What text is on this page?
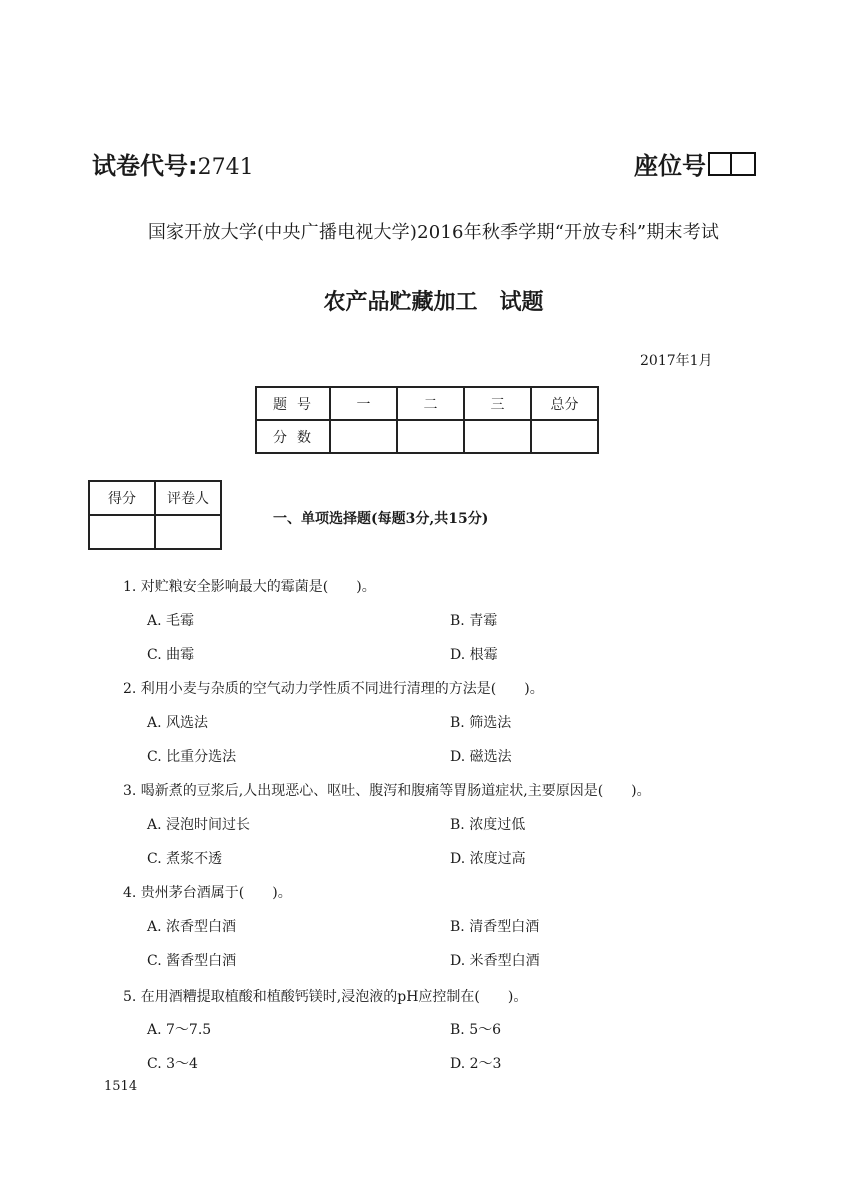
试卷代号:2741	座位号
国家开放大学(中央广播电视大学)2016年秋季学期“开放专科”期末考试
农产品贮藏加工　试题
2017年1月
题号	一	二	三	总分
分数				
得分	评卷人

一、单项选择题(每题3分,共15分)
1. 对贮粮安全影响最大的霉菌是(　　)。
A. 毛霉	B. 青霉
C. 曲霉	D. 根霉
2. 利用小麦与杂质的空气动力学性质不同进行清理的方法是(　　)。
A. 风选法	B. 筛选法
C. 比重分选法	D. 磁选法
3. 喝新煮的豆浆后,人出现恶心、呕吐、腹泻和腹痛等胃肠道症状,主要原因是(　　)。
A. 浸泡时间过长	B. 浓度过低
C. 煮浆不透	D. 浓度过高
4. 贵州茅台酒属于(　　)。
A. 浓香型白酒	B. 清香型白酒
C. 酱香型白酒	D. 米香型白酒
5. 在用酒糟提取植酸和植酸钙镁时,浸泡液的pH应控制在(　　)。
A. 7～7.5	B. 5～6
C. 3～4	D. 2～3
1514
